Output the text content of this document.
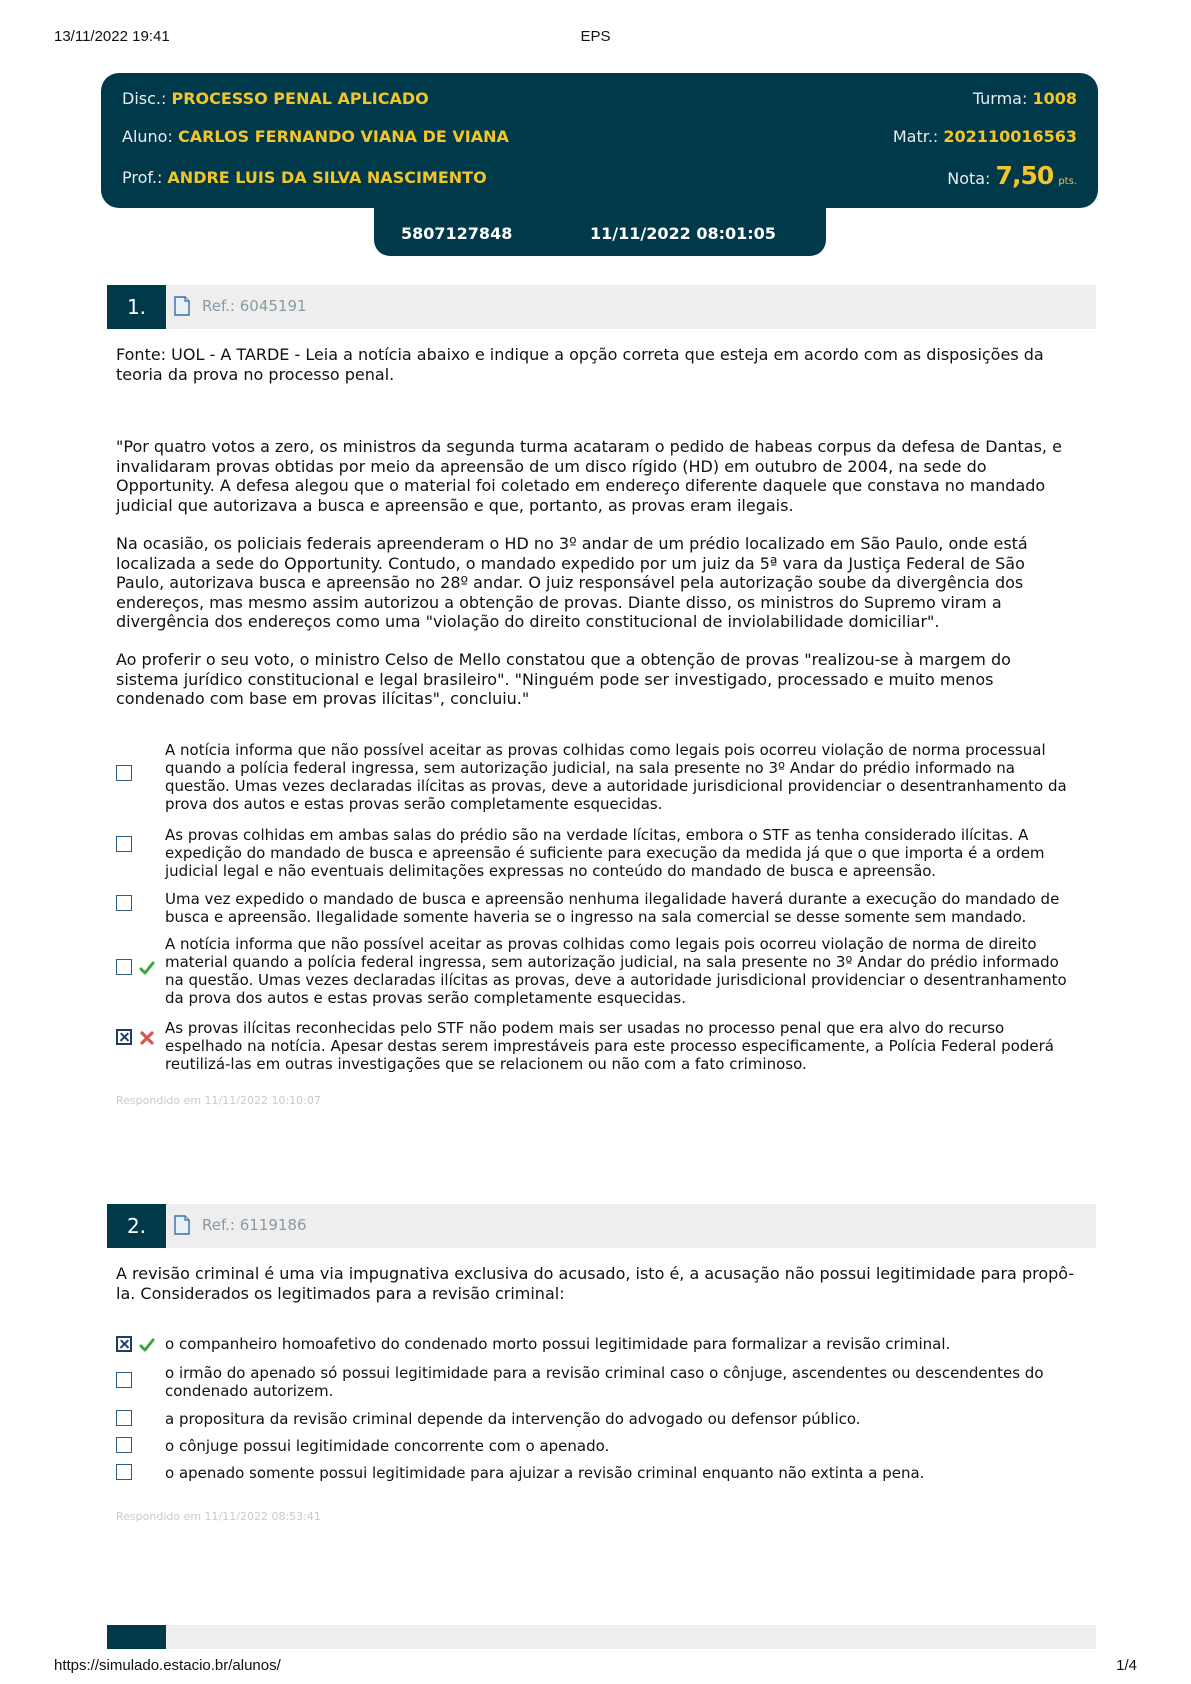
13/11/2022 19:41	EPS
https://simulado.estacio.br/alunos/	1/4
Disc.: PROCESSO PENAL APLICADO	Turma: 1008
Aluno: CARLOS FERNANDO VIANA DE VIANA	Matr.: 202110016563
Prof.: ANDRE LUIS DA SILVA NASCIMENTO	Nota: 7,50 pts.
5807127848	11/11/2022 08:01:05
1.	Ref.: 6045191
Fonte: UOL - A TARDE - Leia a notícia abaixo e indique a opção correta que esteja em acordo com as disposições da teoria da prova no processo penal.
"Por quatro votos a zero, os ministros da segunda turma acataram o pedido de habeas corpus da defesa de Dantas, e invalidaram provas obtidas por meio da apreensão de um disco rígido (HD) em outubro de 2004, na sede do Opportunity. A defesa alegou que o material foi coletado em endereço diferente daquele que constava no mandado judicial que autorizava a busca e apreensão e que, portanto, as provas eram ilegais.
Na ocasião, os policiais federais apreenderam o HD no 3º andar de um prédio localizado em São Paulo, onde está localizada a sede do Opportunity. Contudo, o mandado expedido por um juiz da 5ª vara da Justiça Federal de São Paulo, autorizava busca e apreensão no 28º andar. O juiz responsável pela autorização soube da divergência dos endereços, mas mesmo assim autorizou a obtenção de provas. Diante disso, os ministros do Supremo viram a divergência dos endereços como uma "violação do direito constitucional de inviolabilidade domiciliar".
Ao proferir o seu voto, o ministro Celso de Mello constatou que a obtenção de provas "realizou-se à margem do sistema jurídico constitucional e legal brasileiro". "Ninguém pode ser investigado, processado e muito menos condenado com base em provas ilícitas", concluiu."
A notícia informa que não possível aceitar as provas colhidas como legais pois ocorreu violação de norma processual quando a polícia federal ingressa, sem autorização judicial, na sala presente no 3º Andar do prédio informado na questão. Umas vezes declaradas ilícitas as provas, deve a autoridade jurisdicional providenciar o desentranhamento da prova dos autos e estas provas serão completamente esquecidas.
As provas colhidas em ambas salas do prédio são na verdade lícitas, embora o STF as tenha considerado ilícitas. A expedição do mandado de busca e apreensão é suficiente para execução da medida já que o que importa é a ordem judicial legal e não eventuais delimitações expressas no conteúdo do mandado de busca e apreensão.
Uma vez expedido o mandado de busca e apreensão nenhuma ilegalidade haverá durante a execução do mandado de busca e apreensão. Ilegalidade somente haveria se o ingresso na sala comercial se desse somente sem mandado.
A notícia informa que não possível aceitar as provas colhidas como legais pois ocorreu violação de norma de direito material quando a polícia federal ingressa, sem autorização judicial, na sala presente no 3º Andar do prédio informado na questão. Umas vezes declaradas ilícitas as provas, deve a autoridade jurisdicional providenciar o desentranhamento da prova dos autos e estas provas serão completamente esquecidas.
As provas ilícitas reconhecidas pelo STF não podem mais ser usadas no processo penal que era alvo do recurso espelhado na notícia. Apesar destas serem imprestáveis para este processo especificamente, a Polícia Federal poderá reutilizá-las em outras investigações que se relacionem ou não com a fato criminoso.
Respondido em 11/11/2022 10:10:07
2.	Ref.: 6119186
A revisão criminal é uma via impugnativa exclusiva do acusado, isto é, a acusação não possui legitimidade para propô-la. Considerados os legitimados para a revisão criminal:
o companheiro homoafetivo do condenado morto possui legitimidade para formalizar a revisão criminal.
o irmão do apenado só possui legitimidade para a revisão criminal caso o cônjuge, ascendentes ou descendentes do condenado autorizem.
a propositura da revisão criminal depende da intervenção do advogado ou defensor público.
o cônjuge possui legitimidade concorrente com o apenado.
o apenado somente possui legitimidade para ajuizar a revisão criminal enquanto não extinta a pena.
Respondido em 11/11/2022 08:53:41
